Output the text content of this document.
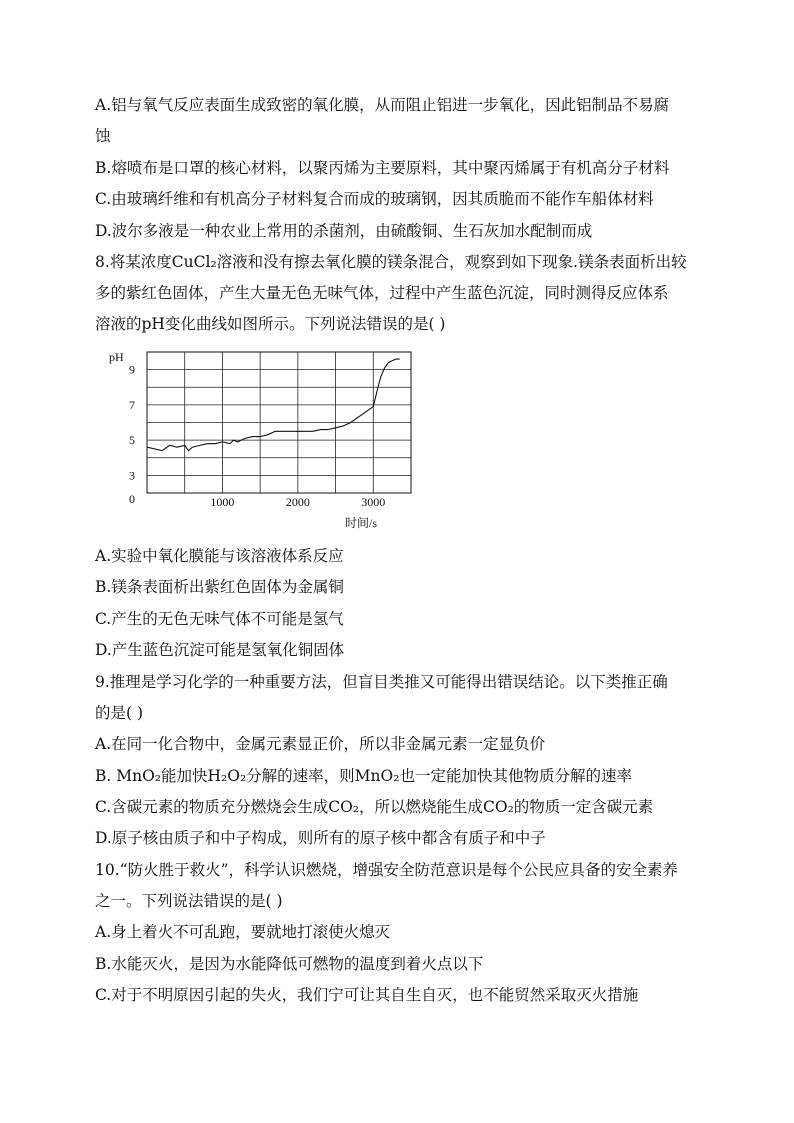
A.铝与氧气反应表面生成致密的氧化膜，从而阻止铝进一步氧化，因此铝制品不易腐
蚀
B.熔喷布是口罩的核心材料，以聚丙烯为主要原料，其中聚丙烯属于有机高分子材料
C.由玻璃纤维和有机高分子材料复合而成的玻璃钢，因其质脆而不能作车船体材料
D.波尔多液是一种农业上常用的杀菌剂，由硫酸铜、生石灰加水配制而成
8.将某浓度CuCl₂溶液和没有擦去氧化膜的镁条混合，观察到如下现象.镁条表面析出较
多的紫红色固体，产生大量无色无味气体，过程中产生蓝色沉淀，同时测得反应体系
溶液的pH变化曲线如图所示。下列说法错误的是( )
A.实验中氧化膜能与该溶液体系反应
B.镁条表面析出紫红色固体为金属铜
C.产生的无色无味气体不可能是氢气
D.产生蓝色沉淀可能是氢氧化铜固体
9.推理是学习化学的一种重要方法，但盲目类推又可能得出错误结论。以下类推正确
的是( )
A.在同一化合物中，金属元素显正价，所以非金属元素一定显负价
B. MnO₂能加快H₂O₂分解的速率，则MnO₂也一定能加快其他物质分解的速率
C.含碳元素的物质充分燃烧会生成CO₂，所以燃烧能生成CO₂的物质一定含碳元素
D.原子核由质子和中子构成，则所有的原子核中都含有质子和中子
10.“防火胜于救火”，科学认识燃烧，增强安全防范意识是每个公民应具备的安全素养
之一。下列说法错误的是( )
A.身上着火不可乱跑，要就地打滚使火熄灭
B.水能灭火，是因为水能降低可燃物的温度到着火点以下
C.对于不明原因引起的失火，我们宁可让其自生自灭，也不能贸然采取灭火措施
9
7
5
3
0	1000	2000	3000
pH
时间/s
